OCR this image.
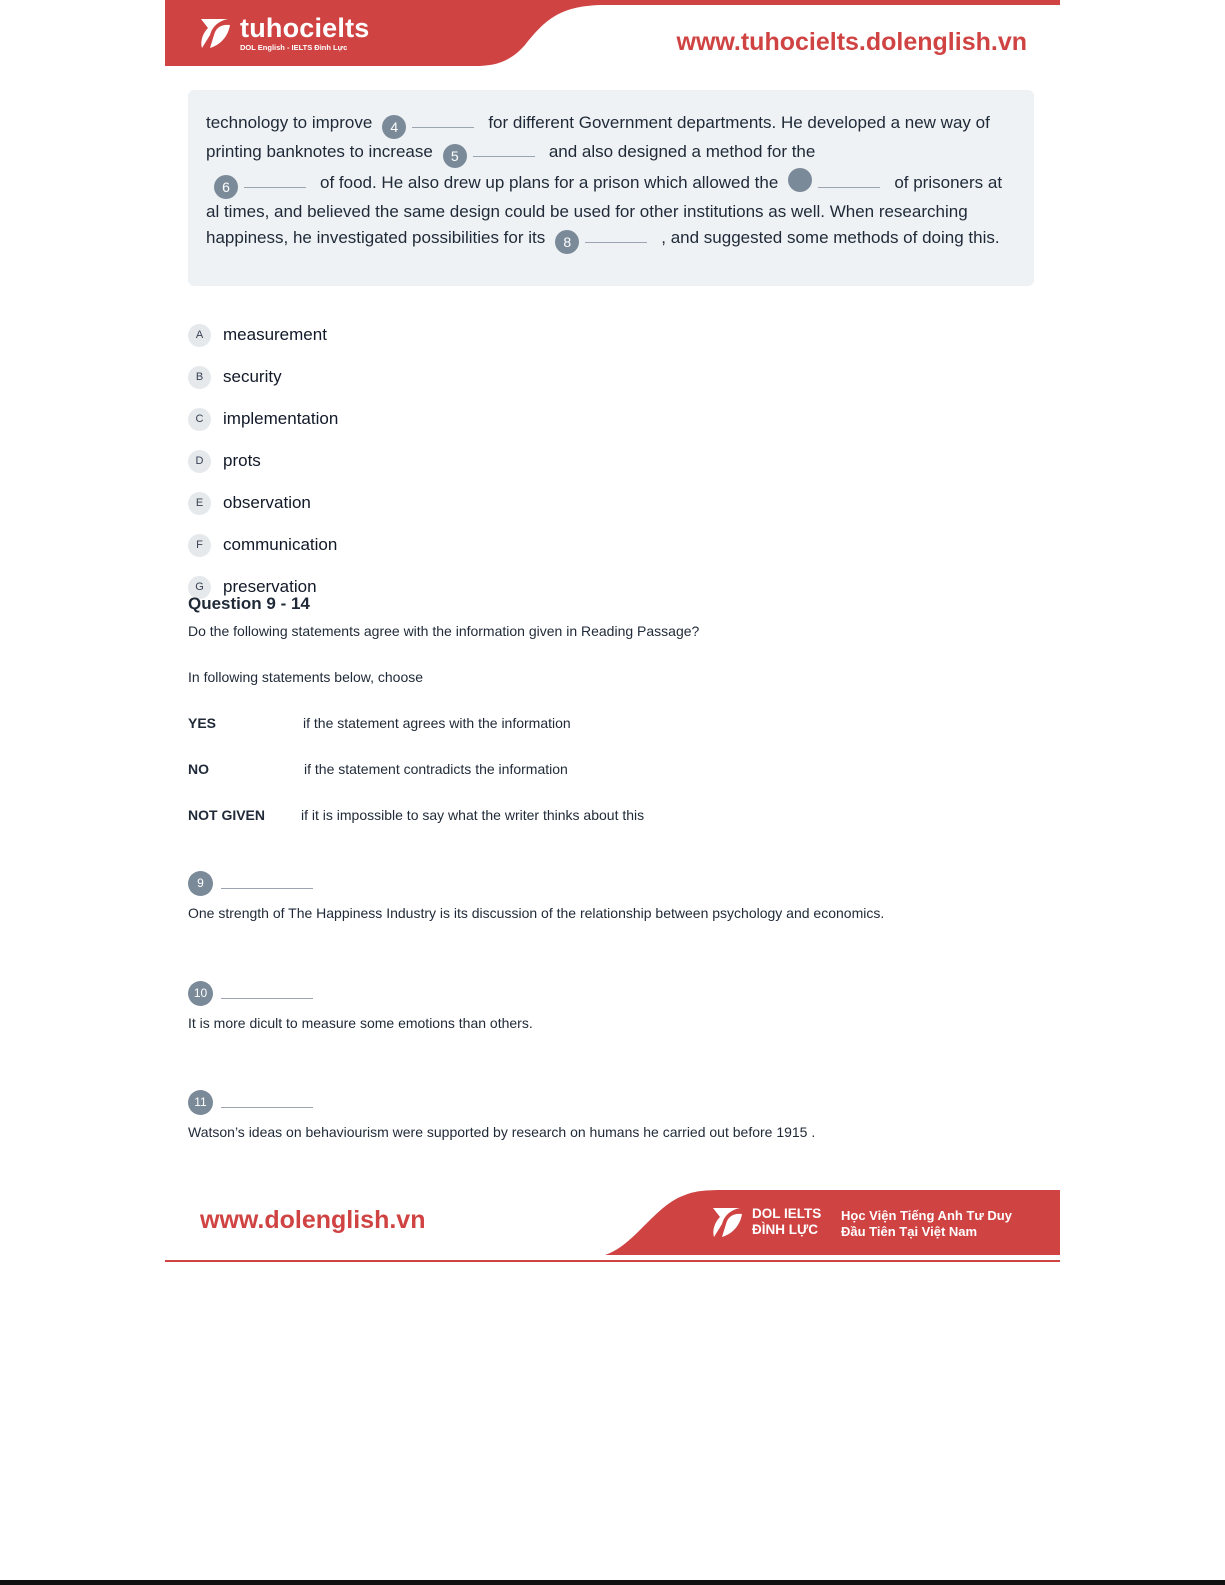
tuhocielts
DOL English - IELTS Đình Lực	www.tuhocielts.dolenglish.vn

technology to improve 4	for different Government departments. He developed a new way of printing banknotes to increase 5	and also designed a method for the
6	of food. He also drew up plans for a prison which allowed the	of prisoners at al times, and believed the same design could be used for other institutions as well. When researching happiness, he investigated possibilities for its 8	, and suggested some methods of doing this.

A	measurement
B	security
C	implementation
D	prots
E	observation
F	communication
G	preservation
Question 9 - 14
Do the following statements agree with the information given in Reading Passage?
In following statements below, choose
YES	if the statement agrees with the information
NO	if the statement contradicts the information
NOT GIVEN	if it is impossible to say what the writer thinks about this
9
One strength of The Happiness Industry is its discussion of the relationship between psychology and economics.
10
It is more dicult to measure some emotions than others.
11
Watson’s ideas on behaviourism were supported by research on humans he carried out before 1915 .
www.dolenglish.vn	DOL IELTS
ĐÌNH LỰC
Học Viện Tiếng Anh Tư Duy
Đầu Tiên Tại Việt Nam
